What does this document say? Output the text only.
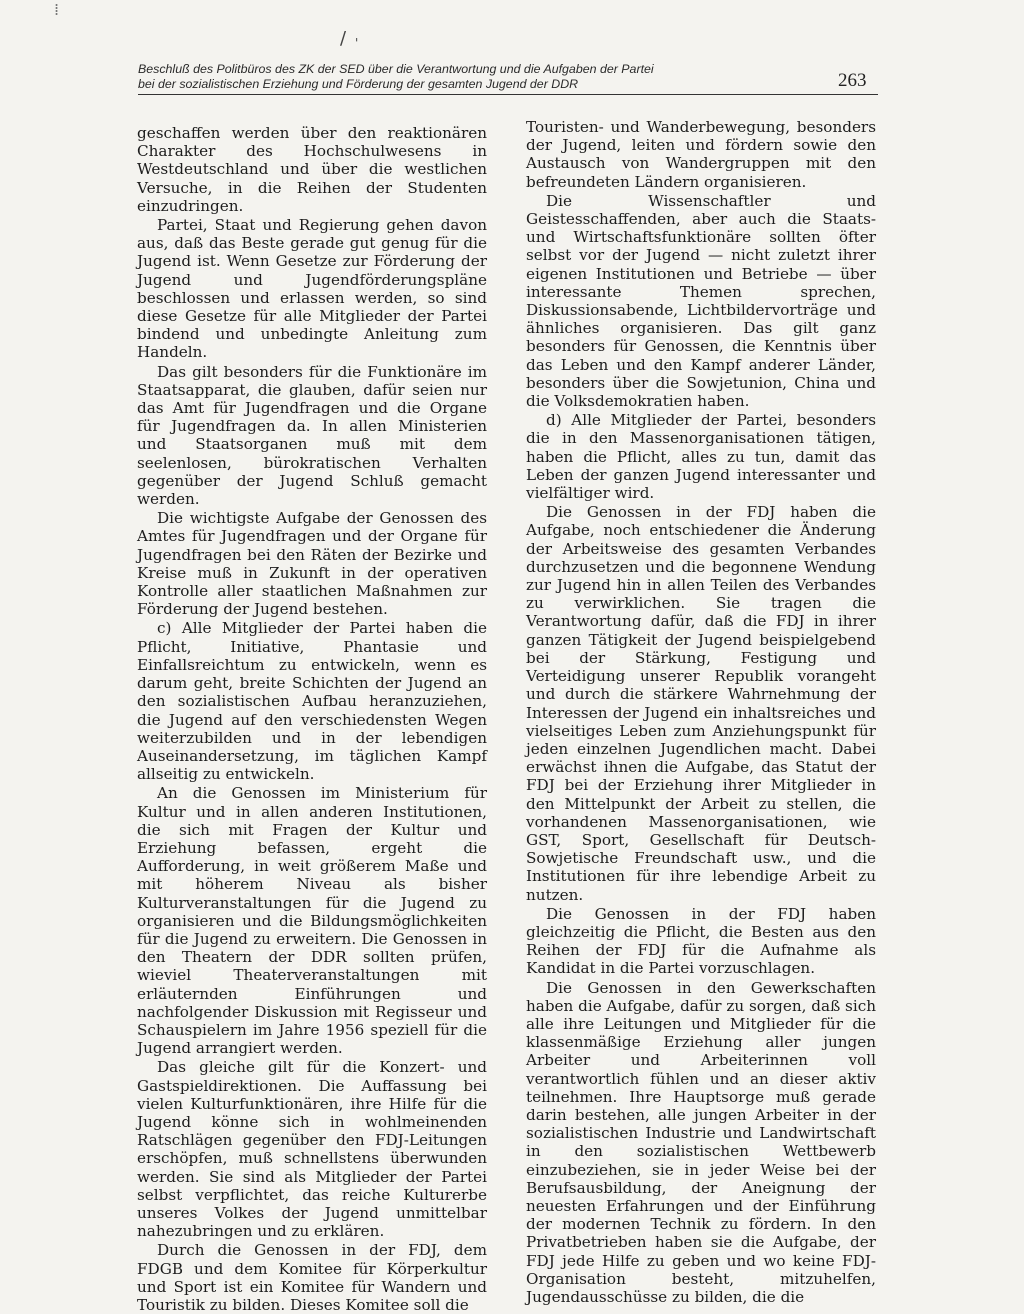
/ '
⁞
Beschluß des Politbüros des ZK der SED über die Verantwortung und die Aufgaben der Partei
bei der sozialistischen Erziehung und Förderung der gesamten Jugend der DDR	263

geschaffen werden über den reaktionären Charakter des Hochschulwesens in Westdeutschland und über die westlichen Versuche, in die Reihen der Studenten einzudringen.

Partei, Staat und Regierung gehen davon aus, daß das Beste gerade gut genug für die Jugend ist. Wenn Gesetze zur Förderung der Jugend und Jugendförderungspläne beschlossen und erlassen werden, so sind diese Gesetze für alle Mitglieder der Partei bindend und unbedingte Anleitung zum Handeln.

Das gilt besonders für die Funktionäre im Staatsapparat, die glauben, dafür seien nur das Amt für Jugendfragen und die Organe für Jugendfragen da. In allen Ministerien und Staatsorganen muß mit dem seelenlosen, bürokratischen Verhalten gegenüber der Jugend Schluß gemacht werden.

Die wichtigste Aufgabe der Genossen des Amtes für Jugendfragen und der Organe für Jugendfragen bei den Räten der Bezirke und Kreise muß in Zukunft in der operativen Kontrolle aller staatlichen Maßnahmen zur Förderung der Jugend bestehen.

c) Alle Mitglieder der Partei haben die Pflicht, Initiative, Phantasie und Einfallsreichtum zu entwickeln, wenn es darum geht, breite Schichten der Jugend an den sozialistischen Aufbau heranzuziehen, die Jugend auf den verschiedensten Wegen weiterzubilden und in der lebendigen Auseinandersetzung, im täglichen Kampf allseitig zu entwickeln.

An die Genossen im Ministerium für Kultur und in allen anderen Institutionen, die sich mit Fragen der Kultur und Erziehung befassen, ergeht die Aufforderung, in weit größerem Maße und mit höherem Niveau als bisher Kulturveranstaltungen für die Jugend zu organisieren und die Bildungsmöglichkeiten für die Jugend zu erweitern. Die Genossen in den Theatern der DDR sollten prüfen, wieviel Theaterveranstaltungen mit erläuternden Einführungen und nachfolgender Diskussion mit Regisseur und Schauspielern im Jahre 1956 speziell für die Jugend arrangiert werden.

Das gleiche gilt für die Konzert- und Gastspieldirektionen. Die Auffassung bei vielen Kulturfunktionären, ihre Hilfe für die Jugend könne sich in wohlmeinenden Ratschlägen gegenüber den FDJ-Leitungen erschöpfen, muß schnellstens überwunden werden. Sie sind als Mitglieder der Partei selbst verpflichtet, das reiche Kulturerbe unseres Volkes der Jugend unmittelbar nahezubringen und zu erklären.

Durch die Genossen in der FDJ, dem FDGB und dem Komitee für Körperkultur und Sport ist ein Komitee für Wandern und Touristik zu bilden. Dieses Komitee soll die

Touristen- und Wanderbewegung, besonders der Jugend, leiten und fördern sowie den Austausch von Wandergruppen mit den befreundeten Ländern organisieren.

Die Wissenschaftler und Geistesschaffenden, aber auch die Staats- und Wirtschaftsfunktionäre sollten öfter selbst vor der Jugend — nicht zuletzt ihrer eigenen Institutionen und Betriebe — über interessante Themen sprechen, Diskussionsabende, Lichtbildervorträge und ähnliches organisieren. Das gilt ganz besonders für Genossen, die Kenntnis über das Leben und den Kampf anderer Länder, besonders über die Sowjetunion, China und die Volksdemokratien haben.

d) Alle Mitglieder der Partei, besonders die in den Massenorganisationen tätigen, haben die Pflicht, alles zu tun, damit das Leben der ganzen Jugend interessanter und vielfältiger wird.

Die Genossen in der FDJ haben die Aufgabe, noch entschiedener die Änderung der Arbeitsweise des gesamten Verbandes durchzusetzen und die begonnene Wendung zur Jugend hin in allen Teilen des Verbandes zu verwirklichen. Sie tragen die Verantwortung dafür, daß die FDJ in ihrer ganzen Tätigkeit der Jugend beispielgebend bei der Stärkung, Festigung und Verteidigung unserer Republik vorangeht und durch die stärkere Wahrnehmung der Interessen der Jugend ein inhaltsreiches und vielseitiges Leben zum Anziehungspunkt für jeden einzelnen Jugendlichen macht. Dabei erwächst ihnen die Aufgabe, das Statut der FDJ bei der Erziehung ihrer Mitglieder in den Mittelpunkt der Arbeit zu stellen, die vorhandenen Massenorganisationen, wie GST, Sport, Gesellschaft für Deutsch-Sowjetische Freundschaft usw., und die Institutionen für ihre lebendige Arbeit zu nutzen.

Die Genossen in der FDJ haben gleichzeitig die Pflicht, die Besten aus den Reihen der FDJ für die Aufnahme als Kandidat in die Partei vorzuschlagen.

Die Genossen in den Gewerkschaften haben die Aufgabe, dafür zu sorgen, daß sich alle ihre Leitungen und Mitglieder für die klassenmäßige Erziehung aller jungen Arbeiter und Arbeiterinnen voll verantwortlich fühlen und an dieser aktiv teilnehmen. Ihre Hauptsorge muß gerade darin bestehen, alle jungen Arbeiter in der sozialistischen Industrie und Landwirtschaft in den sozialistischen Wettbewerb einzubeziehen, sie in jeder Weise bei der Berufsausbildung, der Aneignung der neuesten Erfahrungen und der Einführung der modernen Technik zu fördern. In den Privatbetrieben haben sie die Aufgabe, der FDJ jede Hilfe zu geben und wo keine FDJ-Organisation besteht, mitzuhelfen, Jugendausschüsse zu bilden, die die
